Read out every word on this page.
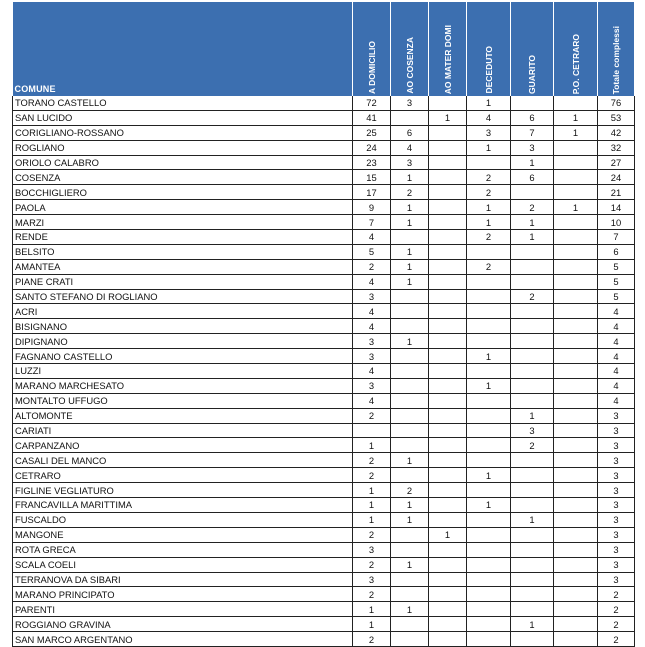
COMUNE	A DOMICILIO	AO COSENZA	AO MATER DOMI	DECEDUTO	GUARITO	P.O. CETRARO	Totale complessi

TORANO CASTELLO	72	3		1			76
SAN LUCIDO	41		1	4	6	1	53
CORIGLIANO-ROSSANO	25	6		3	7	1	42
ROGLIANO	24	4		1	3		32
ORIOLO CALABRO	23	3			1		27
COSENZA	15	1		2	6		24
BOCCHIGLIERO	17	2		2			21
PAOLA	9	1		1	2	1	14
MARZI	7	1		1	1		10
RENDE	4			2	1		7
BELSITO	5	1					6
AMANTEA	2	1		2			5
PIANE CRATI	4	1					5
SANTO STEFANO DI ROGLIANO	3				2		5
ACRI	4						4
BISIGNANO	4						4
DIPIGNANO	3	1					4
FAGNANO CASTELLO	3			1			4
LUZZI	4						4
MARANO MARCHESATO	3			1			4
MONTALTO UFFUGO	4						4
ALTOMONTE	2				1		3
CARIATI					3		3
CARPANZANO	1				2		3
CASALI DEL MANCO	2	1					3
CETRARO	2			1			3
FIGLINE VEGLIATURO	1	2					3
FRANCAVILLA MARITTIMA	1	1		1			3
FUSCALDO	1	1			1		3
MANGONE	2		1				3
ROTA GRECA	3						3
SCALA COELI	2	1					3
TERRANOVA DA SIBARI	3						3
MARANO PRINCIPATO	2						2
PARENTI	1	1					2
ROGGIANO GRAVINA	1				1		2
SAN MARCO ARGENTANO	2						2
